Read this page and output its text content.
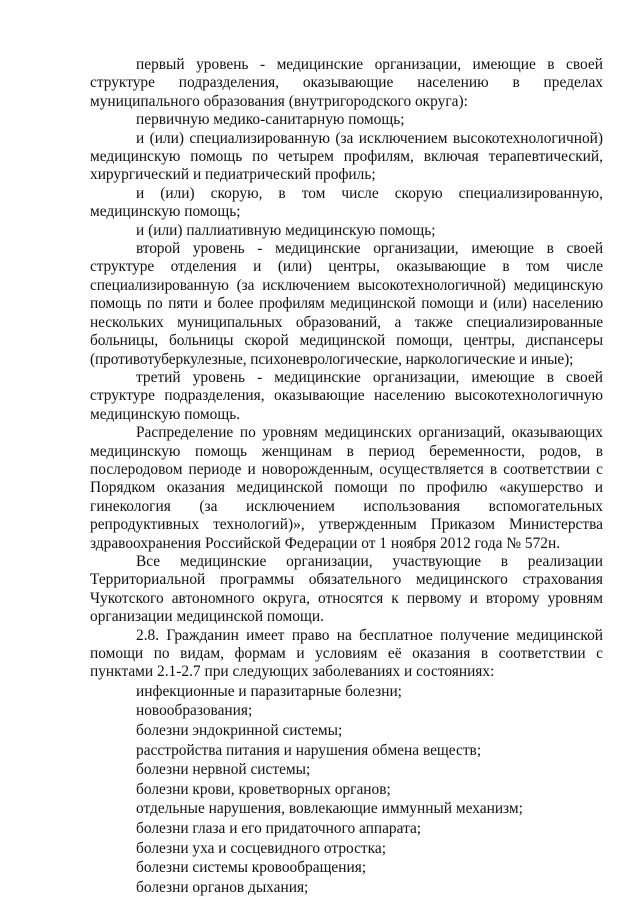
первый уровень - медицинские организации, имеющие в своей структуре подразделения, оказывающие населению в пределах муниципального образования (внутригородского округа):

первичную медико-санитарную помощь;

и (или) специализированную (за исключением высокотехнологичной) медицинскую помощь по четырем профилям, включая терапевтический, хирургический и педиатрический профиль;

и (или) скорую, в том числе скорую специализированную, медицинскую помощь;

и (или) паллиативную медицинскую помощь;

второй уровень - медицинские организации, имеющие в своей структуре отделения и (или) центры, оказывающие в том числе специализированную (за исключением высокотехнологичной) медицинскую помощь по пяти и более профилям медицинской помощи и (или) населению нескольких муниципальных образований, а также специализированные больницы, больницы скорой медицинской помощи, центры, диспансеры (противотуберкулезные, психоневрологические, наркологические и иные);

третий уровень - медицинские организации, имеющие в своей структуре подразделения, оказывающие населению высокотехнологичную медицинскую помощь.

Распределение по уровням медицинских организаций, оказывающих медицинскую помощь женщинам в период беременности, родов, в послеродовом периоде и новорожденным, осуществляется в соответствии с Порядком оказания медицинской помощи по профилю «акушерство и гинекология (за исключением использования вспомогательных репродуктивных технологий)», утвержденным Приказом Министерства здравоохранения Российской Федерации от 1 ноября 2012 года № 572н.

Все медицинские организации, участвующие в реализации Территориальной программы обязательного медицинского страхования Чукотского автономного округа, относятся к первому и второму уровням организации медицинской помощи.

2.8. Гражданин имеет право на бесплатное получение медицинской помощи по видам, формам и условиям её оказания в соответствии с пунктами 2.1-2.7 при следующих заболеваниях и состояниях:

инфекционные и паразитарные болезни;

новообразования;

болезни эндокринной системы;

расстройства питания и нарушения обмена веществ;

болезни нервной системы;

болезни крови, кроветворных органов;

отдельные нарушения, вовлекающие иммунный механизм;

болезни глаза и его придаточного аппарата;

болезни уха и сосцевидного отростка;

болезни системы кровообращения;

болезни органов дыхания;
